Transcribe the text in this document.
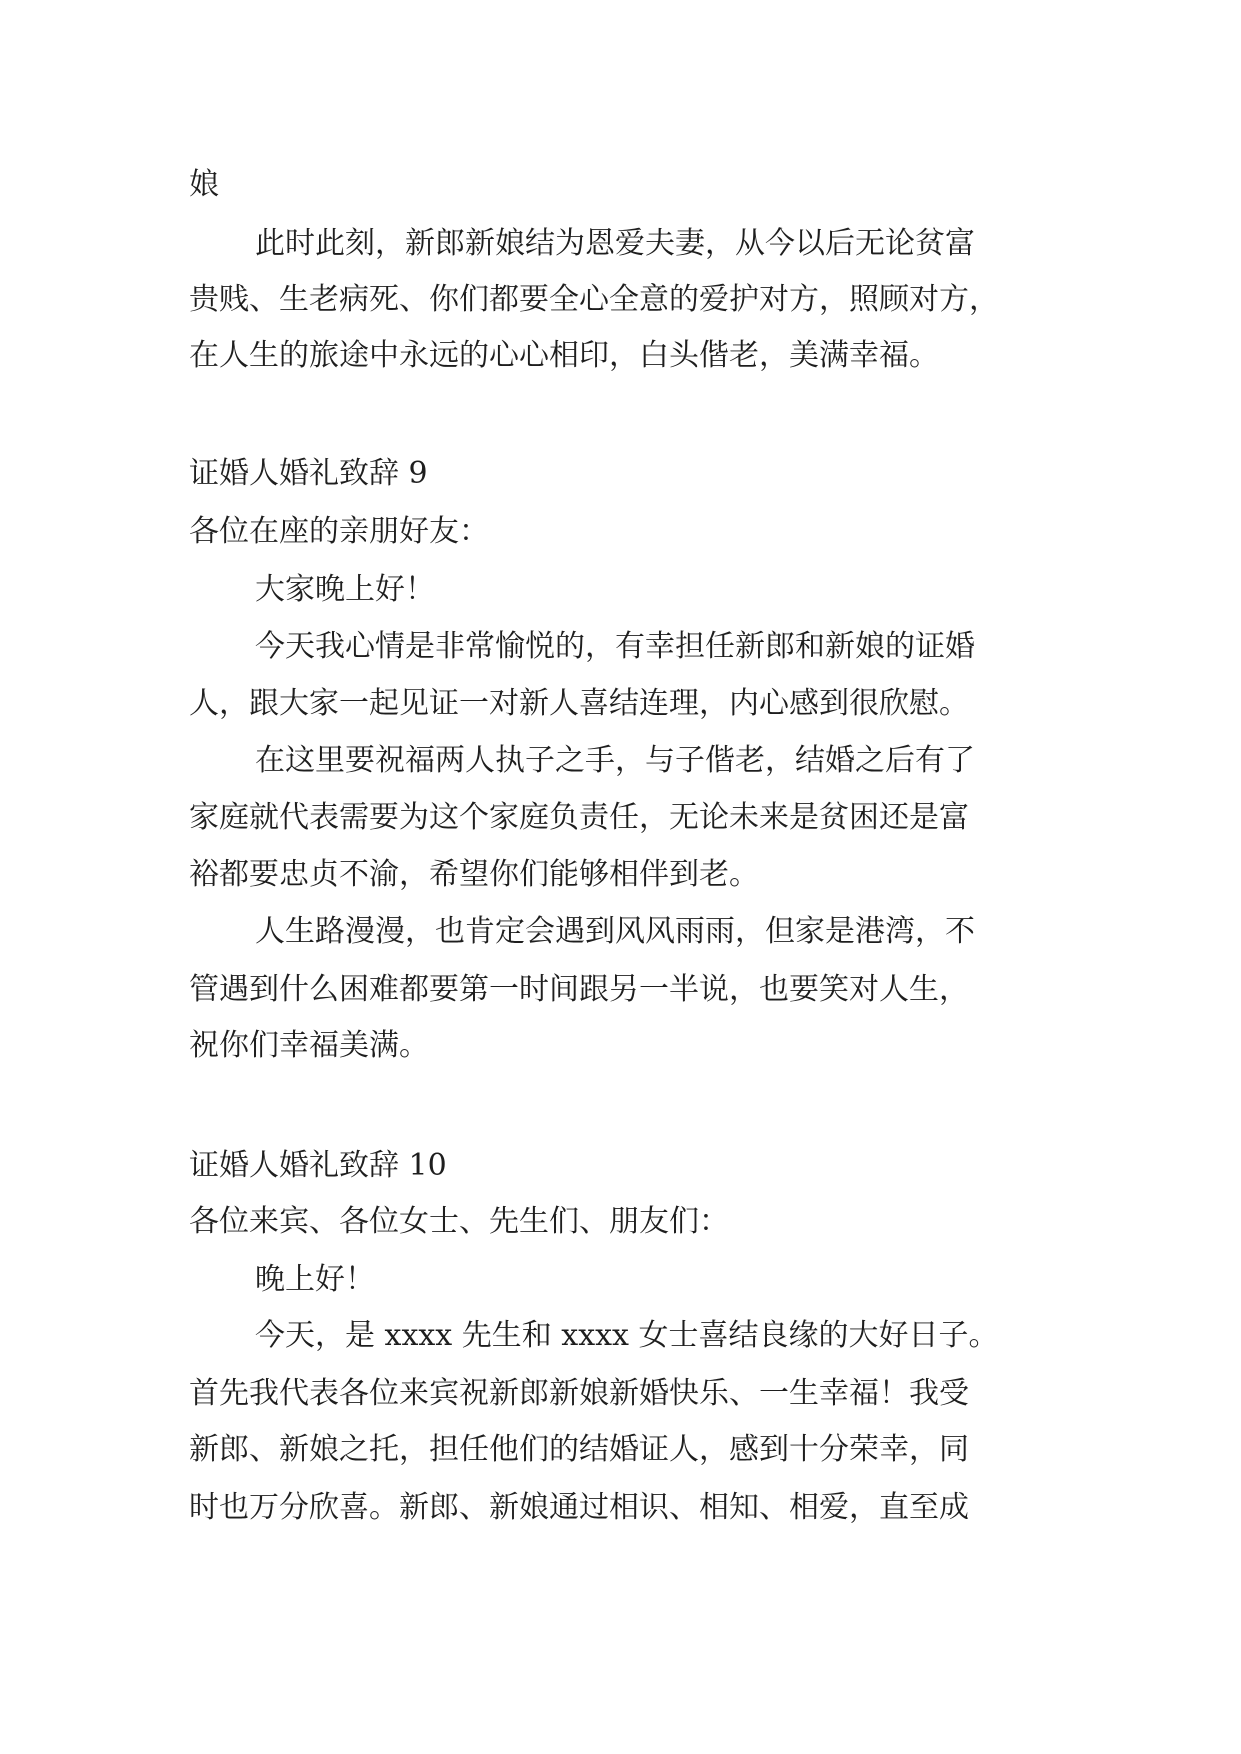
娘

此时此刻，新郎新娘结为恩爱夫妻，从今以后无论贫富

贵贱、生老病死、你们都要全心全意的爱护对方，照顾对方，

在人生的旅途中永远的心心相印，白头偕老，美满幸福。

证婚人婚礼致辞 9

各位在座的亲朋好友：

大家晚上好！

今天我心情是非常愉悦的，有幸担任新郎和新娘的证婚

人，跟大家一起见证一对新人喜结连理，内心感到很欣慰。

在这里要祝福两人执子之手，与子偕老，结婚之后有了

家庭就代表需要为这个家庭负责任，无论未来是贫困还是富

裕都要忠贞不渝，希望你们能够相伴到老。

人生路漫漫，也肯定会遇到风风雨雨，但家是港湾，不

管遇到什么困难都要第一时间跟另一半说，也要笑对人生，

祝你们幸福美满。

证婚人婚礼致辞 10

各位来宾、各位女士、先生们、朋友们：

晚上好！

今天，是 xxxx 先生和 xxxx 女士喜结良缘的大好日子。

首先我代表各位来宾祝新郎新娘新婚快乐、一生幸福！我受

新郎、新娘之托，担任他们的结婚证人，感到十分荣幸，同

时也万分欣喜。新郎、新娘通过相识、相知、相爱，直至成
